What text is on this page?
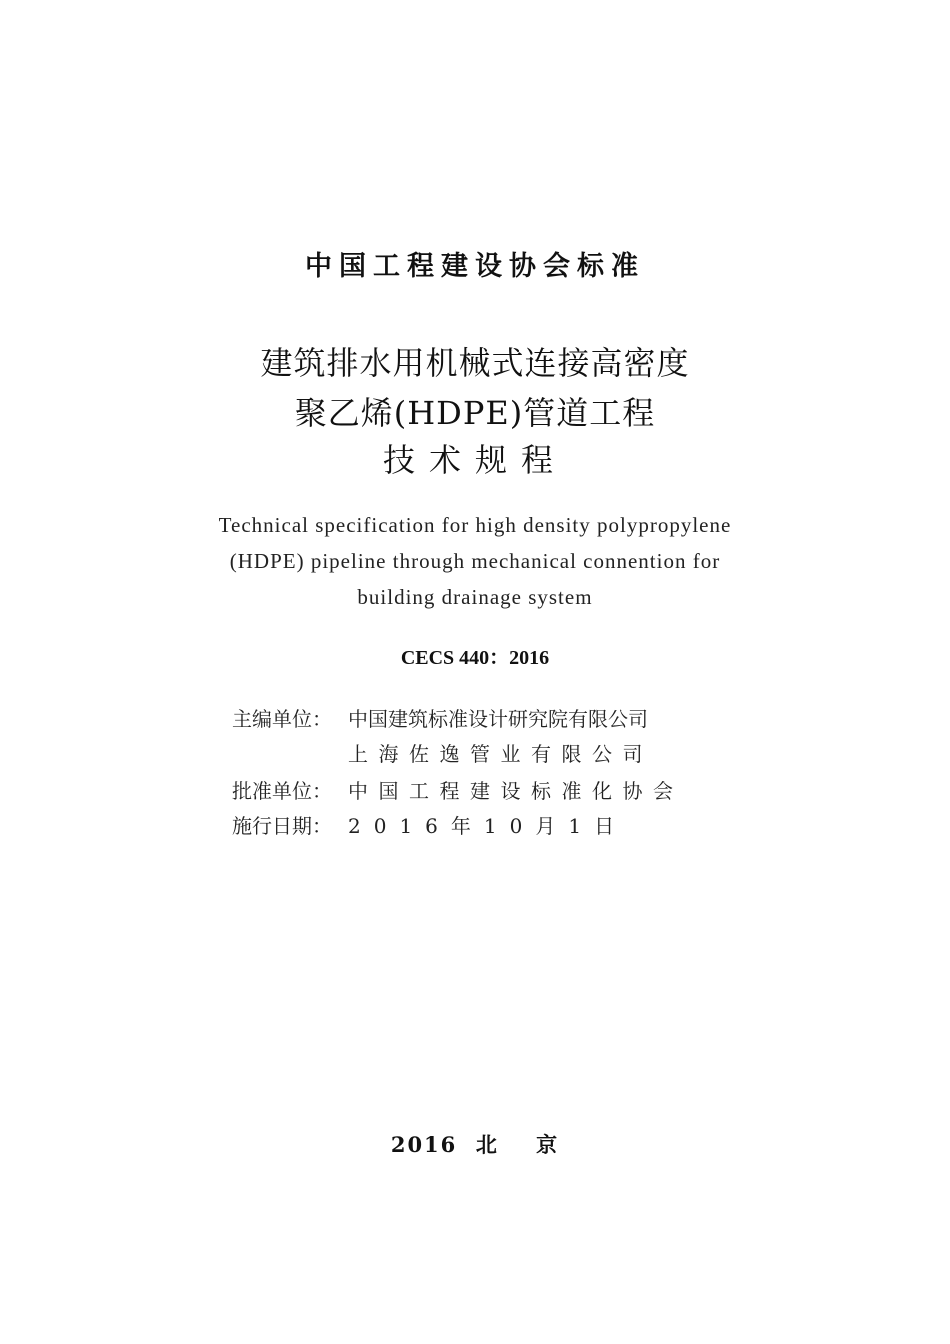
中国工程建设协会标准
建筑排水用机械式连接高密度
聚乙烯(HDPE)管道工程
技术规程
Technical specification for high density polypropylene
(HDPE) pipeline through mechanical connention for
building drainage system
CECS 440：2016
主编单位： 中国建筑标准设计研究院有限公司
上海佐逸管业有限公司
批准单位： 中国工程建设标准化协会
施行日期： 2016年10月1日
2016  北    京
